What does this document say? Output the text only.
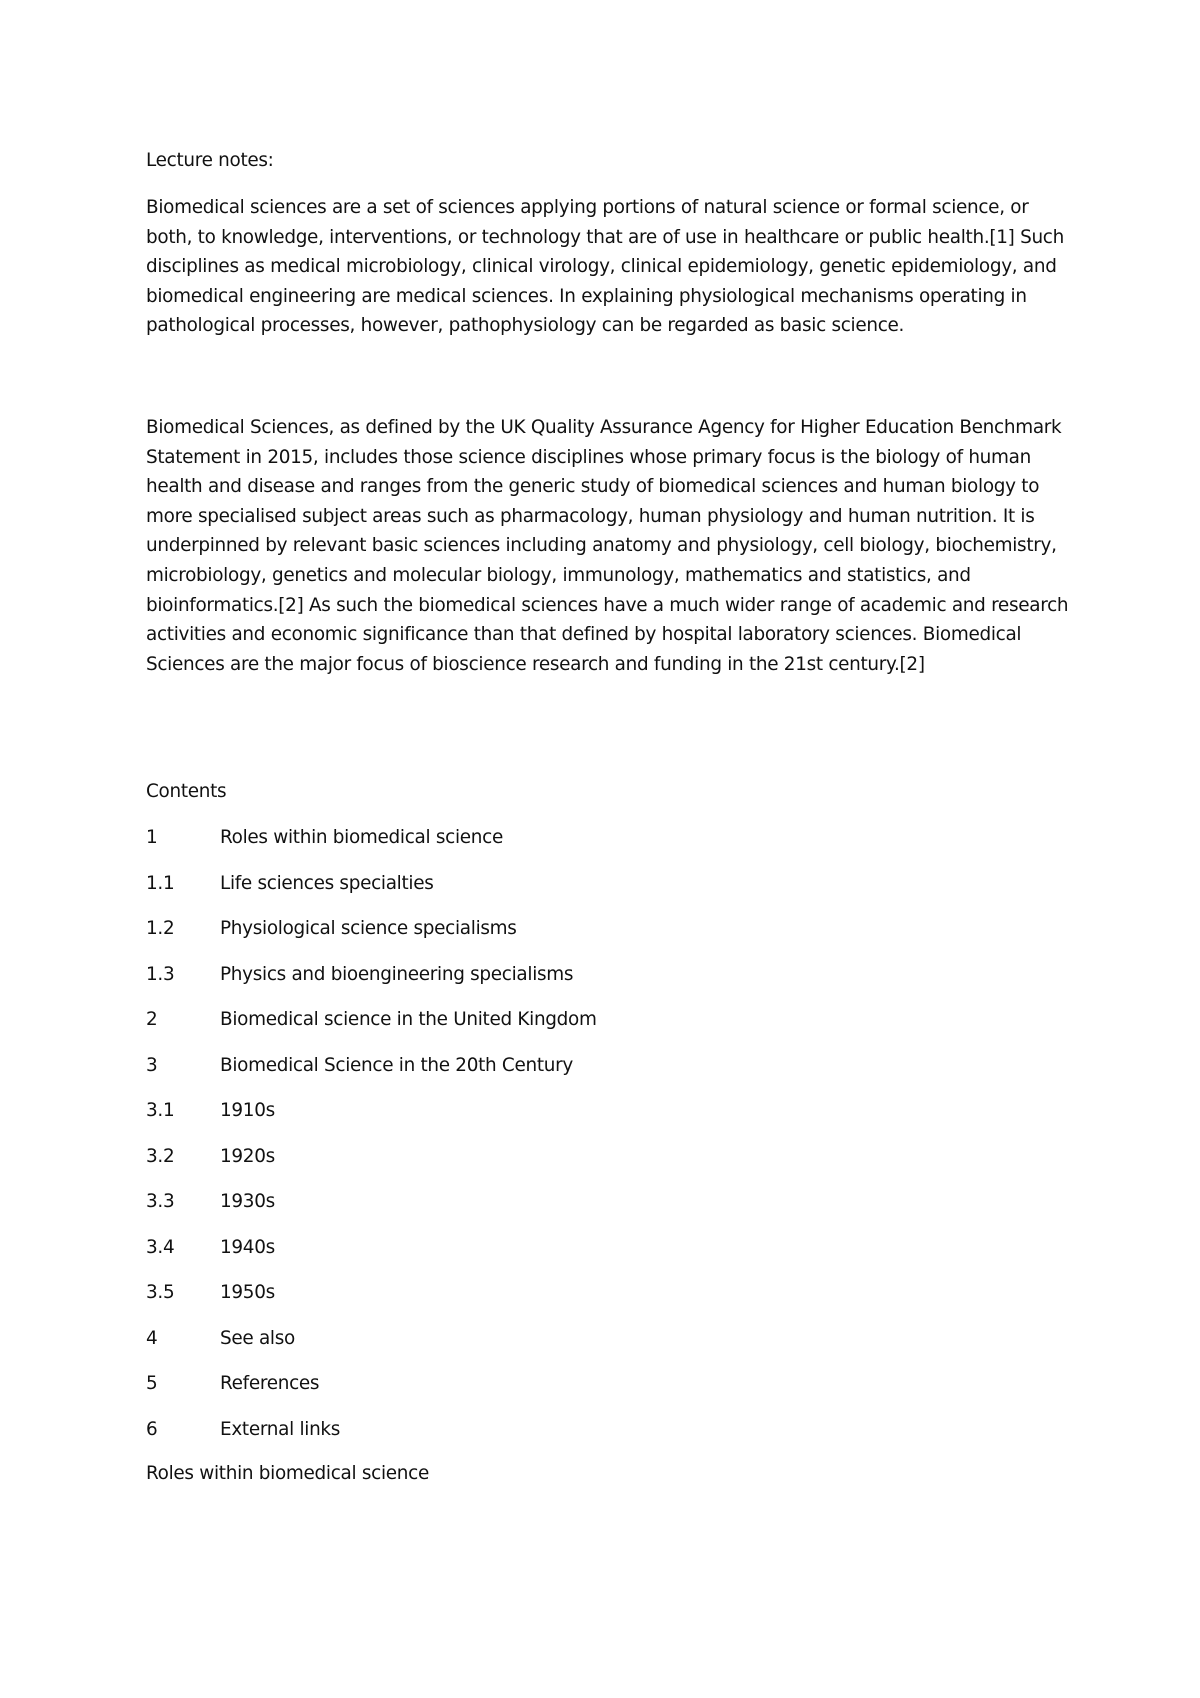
Lecture notes:

Biomedical sciences are a set of sciences applying portions of natural science or formal science, or both, to knowledge, interventions, or technology that are of use in healthcare or public health.[1] Such disciplines as medical microbiology, clinical virology, clinical epidemiology, genetic epidemiology, and biomedical engineering are medical sciences. In explaining physiological mechanisms operating in pathological processes, however, pathophysiology can be regarded as basic science.

Biomedical Sciences, as defined by the UK Quality Assurance Agency for Higher Education Benchmark Statement in 2015, includes those science disciplines whose primary focus is the biology of human health and disease and ranges from the generic study of biomedical sciences and human biology to more specialised subject areas such as pharmacology, human physiology and human nutrition. It is underpinned by relevant basic sciences including anatomy and physiology, cell biology, biochemistry, microbiology, genetics and molecular biology, immunology, mathematics and statistics, and bioinformatics.[2] As such the biomedical sciences have a much wider range of academic and research activities and economic significance than that defined by hospital laboratory sciences. Biomedical Sciences are the major focus of bioscience research and funding in the 21st century.[2]

Contents

1	Roles within biomedical science
1.1	Life sciences specialties
1.2	Physiological science specialisms
1.3	Physics and bioengineering specialisms
2	Biomedical science in the United Kingdom
3	Biomedical Science in the 20th Century
3.1	1910s
3.2	1920s
3.3	1930s
3.4	1940s
3.5	1950s
4	See also
5	References
6	External links

Roles within biomedical science
